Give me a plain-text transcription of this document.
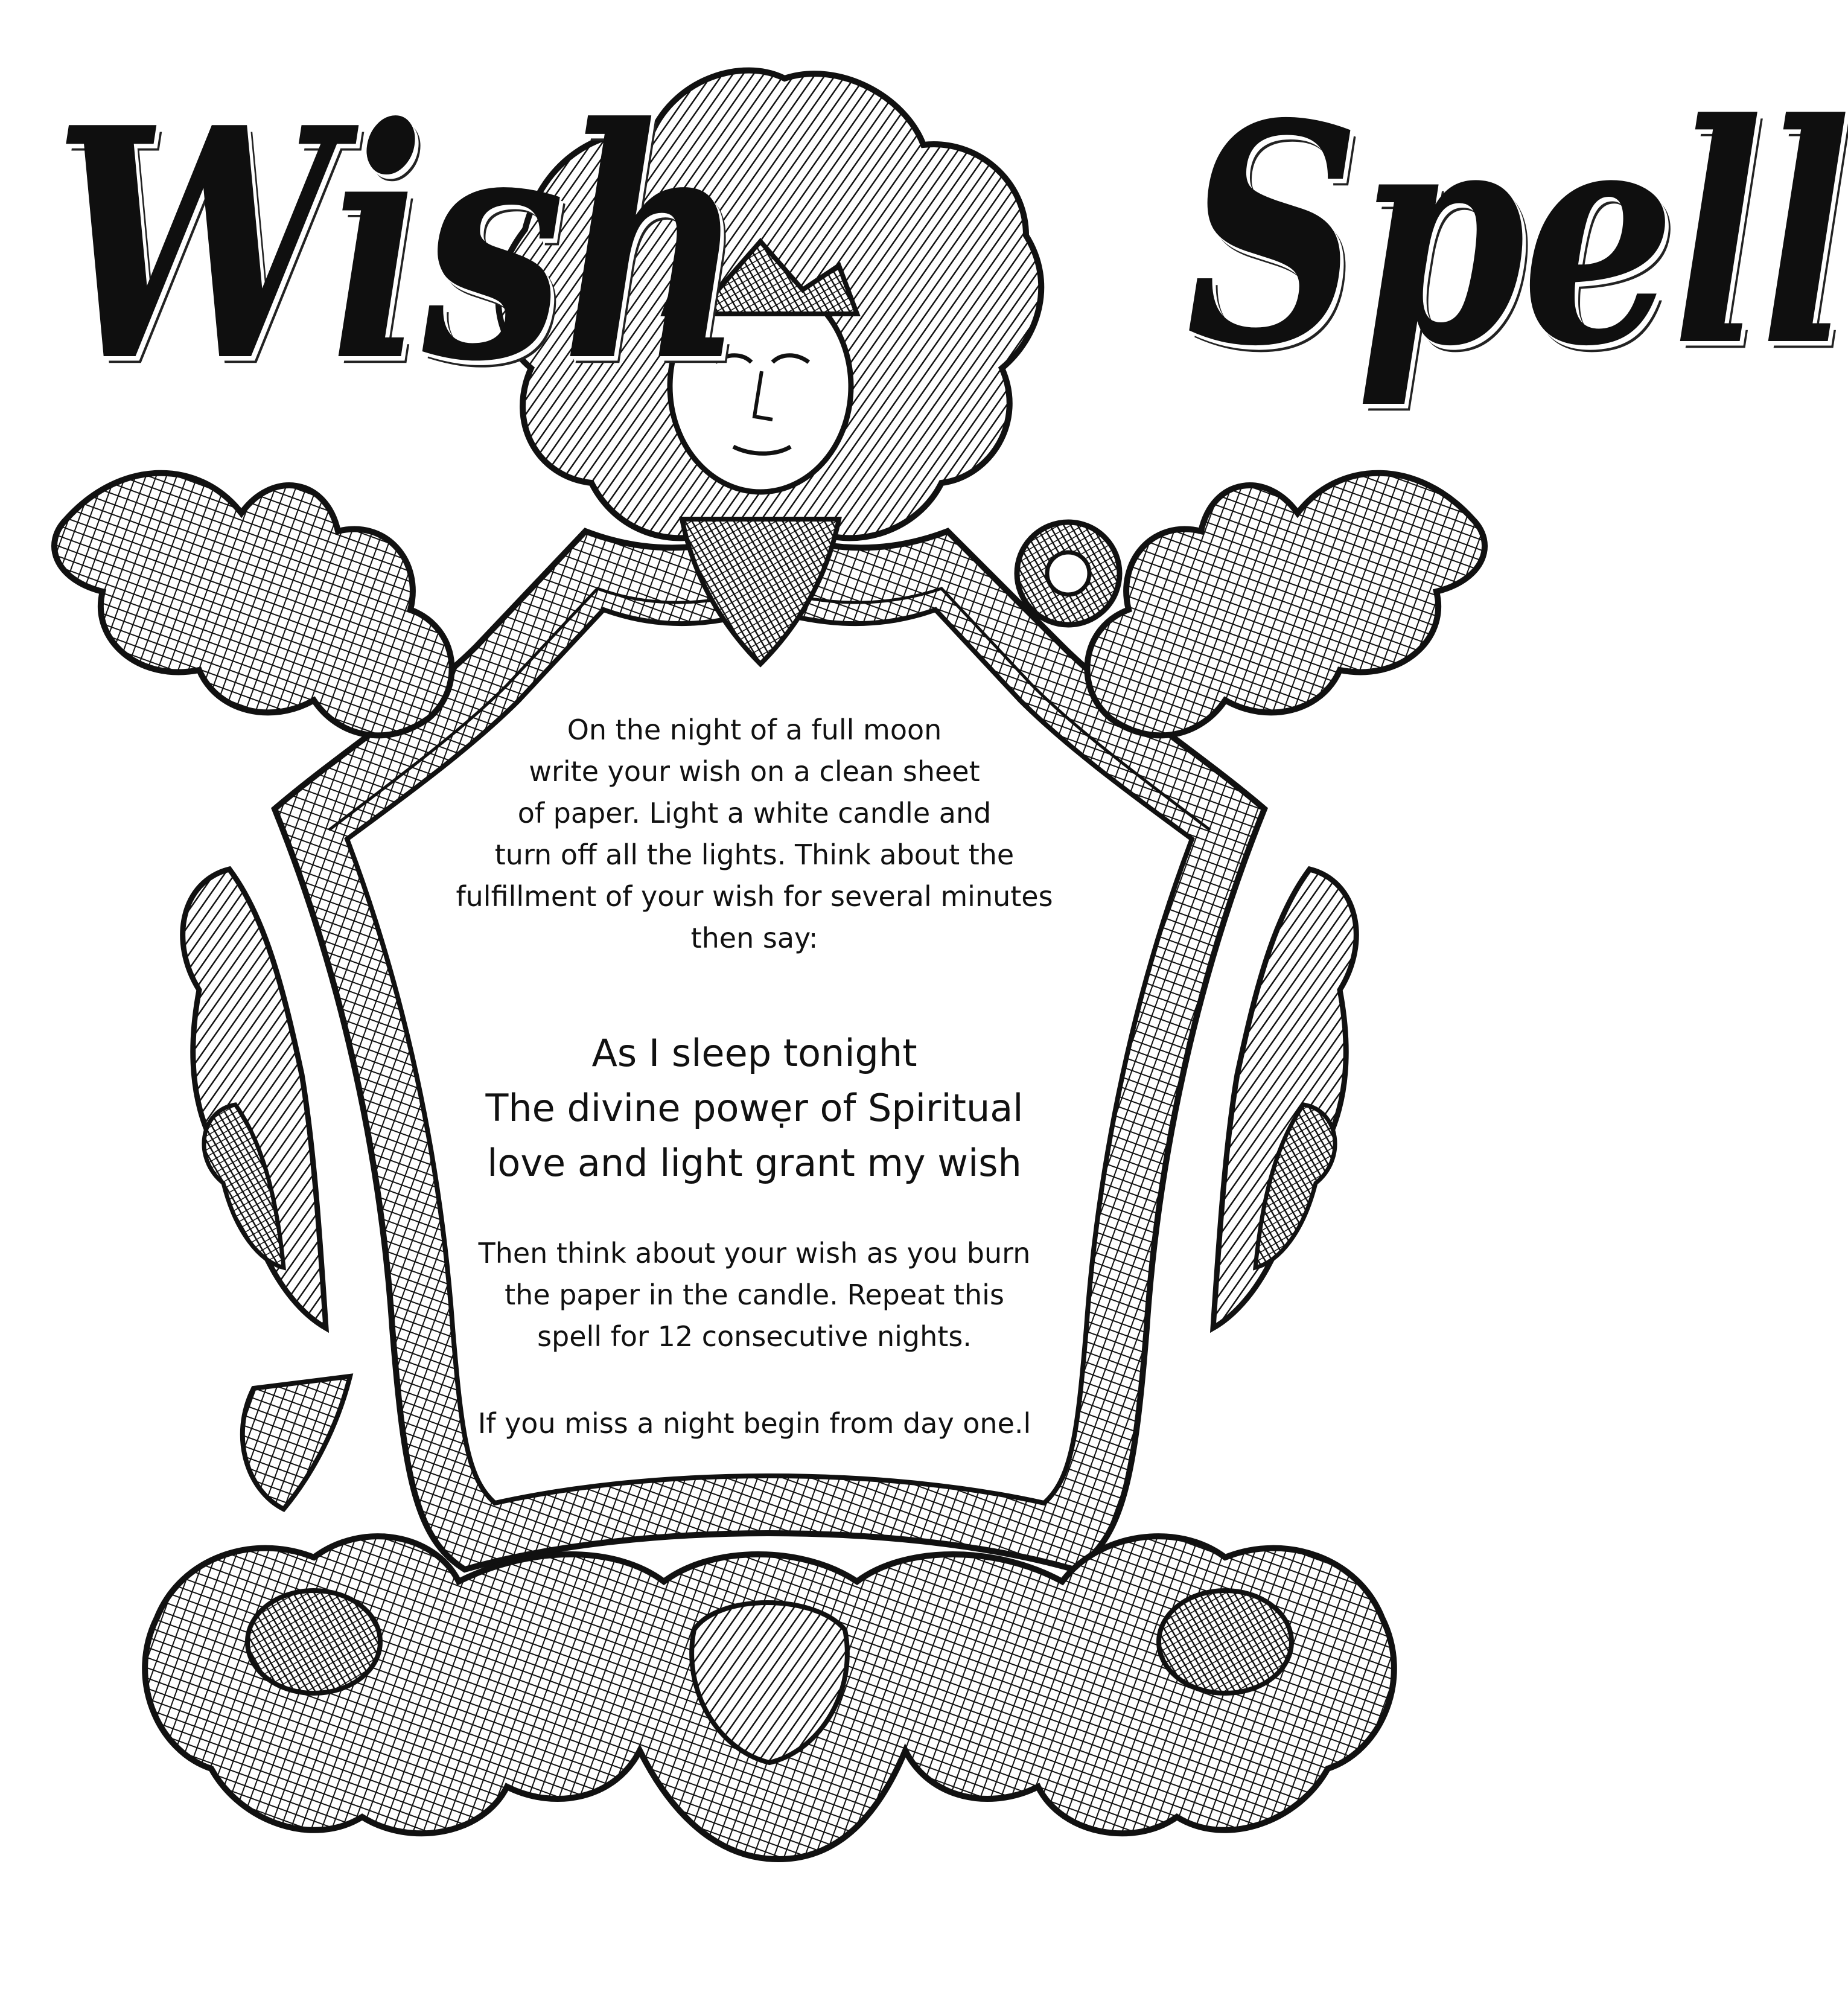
Wish Spell

On the night of a full moon
write your wish on a clean sheet
of paper. Light a white candle and
turn off all the lights. Think about the
fulfillment of your wish for several minutes
then say:

As I sleep tonight
The divine powẹr of Spiritual
love and light grant my wish

Then think about your wish as you burn
the paper in the candle. Repeat this
spell for 12 consecutive nights.

If you miss a night begin from day one.l
